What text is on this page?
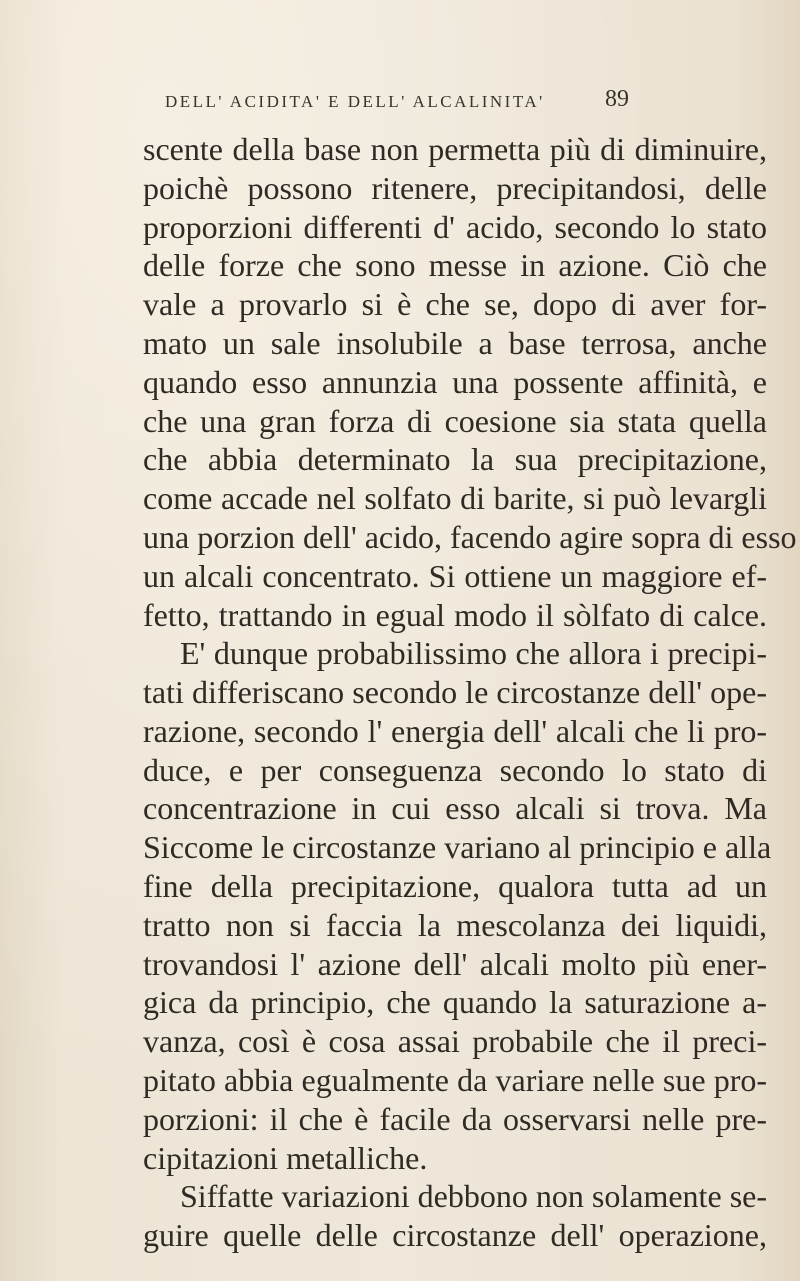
DELL' ACIDITA' E DELL' ALCALINITA'	89
scente della base non permetta più di diminuire,
poichè possono ritenere, precipitandosi, delle
proporzioni differenti d' acido, secondo lo stato
delle forze che sono messe in azione. Ciò che
vale a provarlo si è che se, dopo di aver for-
mato un sale insolubile a base terrosa, anche
quando esso annunzia una possente affinità, e
che una gran forza di coesione sia stata quella
che abbia determinato la sua precipitazione,
come accade nel solfato di barite, si può levargli
una porzion dell' acido, facendo agire sopra di esso
un alcali concentrato. Si ottiene un maggiore ef-
fetto, trattando in egual modo il sòlfato di calce.
E' dunque probabilissimo che allora i precipi-
tati differiscano secondo le circostanze dell' ope-
razione, secondo l' energia dell' alcali che li pro-
duce, e per conseguenza secondo lo stato di
concentrazione in cui esso alcali si trova. Ma
Siccome le circostanze variano al principio e alla
fine della precipitazione, qualora tutta ad un
tratto non si faccia la mescolanza dei liquidi,
trovandosi l' azione dell' alcali molto più ener-
gica da principio, che quando la saturazione a-
vanza, così è cosa assai probabile che il preci-
pitato abbia egualmente da variare nelle sue pro-
porzioni: il che è facile da osservarsi nelle pre-
cipitazioni metalliche.
Siffatte variazioni debbono non solamente se-
guire quelle delle circostanze dell' operazione,
